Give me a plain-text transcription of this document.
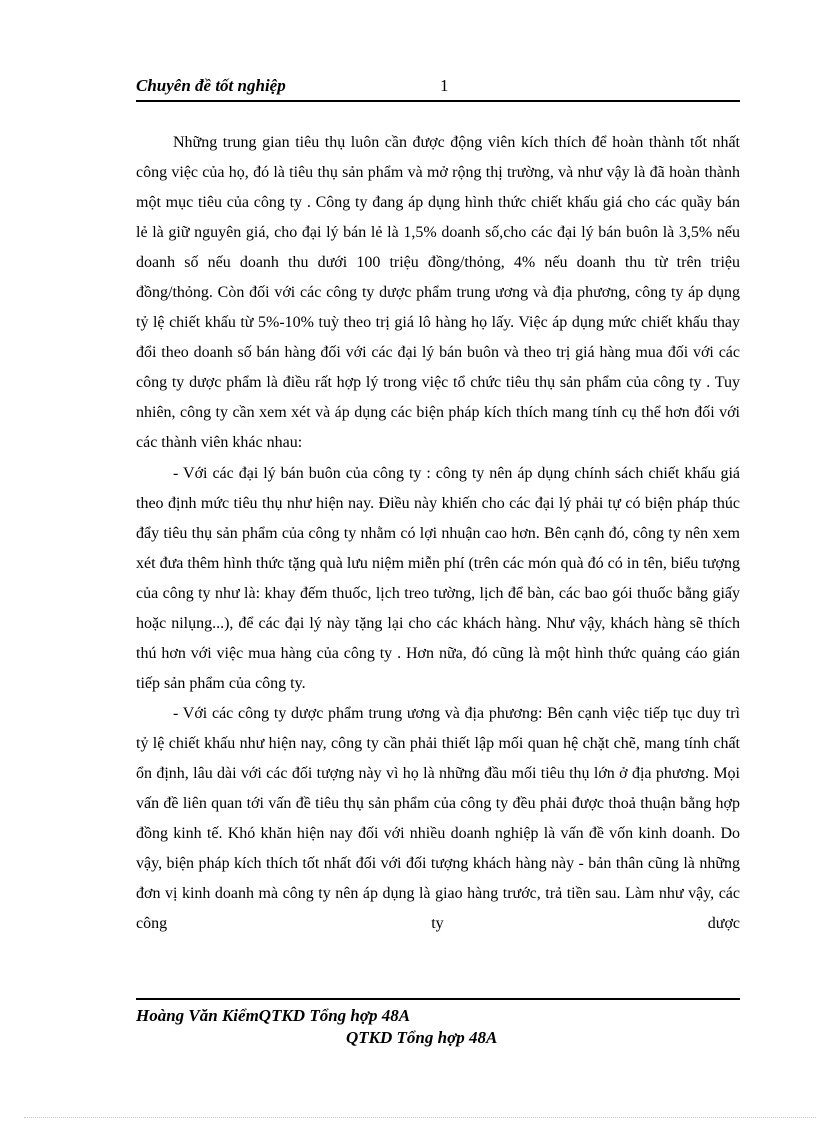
Chuyên đề tốt nghiệp	1

Những trung gian tiêu thụ luôn cần được động viên kích thích để hoàn thành tốt nhất công việc của họ, đó là tiêu thụ sản phẩm và mở rộng thị trường, và như vậy là đã hoàn thành một mục tiêu của công ty . Công ty đang áp dụng hình thức chiết khấu giá cho các quầy bán lẻ là giữ nguyên giá, cho đại lý bán lẻ là 1,5% doanh số,cho các đại lý bán buôn là 3,5% nếu doanh số nếu doanh thu dưới 100 triệu đồng/thỏng, 4% nếu doanh thu từ trên triệu đồng/thỏng. Còn đối với các công ty dược phẩm trung ương và địa phương, công ty áp dụng tỷ lệ chiết khấu từ 5%-10% tuỳ theo trị giá lô hàng họ lấy. Việc áp dụng mức chiết khấu thay đổi theo doanh số bán hàng đối với các đại lý bán buôn và theo trị giá hàng mua đối với các công ty dược phẩm là điều rất hợp lý trong việc tổ chức tiêu thụ sản phẩm của công ty . Tuy nhiên, công ty cần xem xét và áp dụng các biện pháp kích thích mang tính cụ thể hơn đối với các thành viên khác nhau:

- Với các đại lý bán buôn của công ty : công ty nên áp dụng chính sách chiết khấu giá theo định mức tiêu thụ như hiện nay. Điều này khiến cho các đại lý phải tự có biện pháp thúc đẩy tiêu thụ sản phẩm của công ty nhằm có lợi nhuận cao hơn. Bên cạnh đó, công ty nên xem xét đưa thêm hình thức tặng quà lưu niệm miễn phí (trên các món quà đó có in tên, biểu tượng của công ty như là: khay đếm thuốc, lịch treo tường, lịch để bàn, các bao gói thuốc bằng giấy hoặc nilụng...), để các đại lý này tặng lại cho các khách hàng. Như vậy, khách hàng sẽ thích thú hơn với việc mua hàng của công ty . Hơn nữa, đó cũng là một hình thức quảng cáo gián tiếp sản phẩm của công ty.

- Với các công ty dược phẩm trung ương và địa phương: Bên cạnh việc tiếp tục duy trì tỷ lệ chiết khấu như hiện nay, công ty cần phải thiết lập mối quan hệ chặt chẽ, mang tính chất ổn định, lâu dài với các đối tượng này vì họ là những đầu mối tiêu thụ lớn ở địa phương. Mọi vấn đề liên quan tới vấn đề tiêu thụ sản phẩm của công ty đều phải được thoả thuận bằng hợp đồng kinh tế. Khó khăn hiện nay đối với nhiều doanh nghiệp là vấn đề vốn kinh doanh. Do vậy, biện pháp kích thích tốt nhất đối với đối tượng khách hàng này - bản thân cũng là những đơn vị kinh doanh mà công ty nên áp dụng là giao hàng trước, trả tiền sau. Làm như vậy, các công ty dược

Hoàng Văn KiểmQTKD Tổng hợp 48A
QTKD Tổng hợp 48A
